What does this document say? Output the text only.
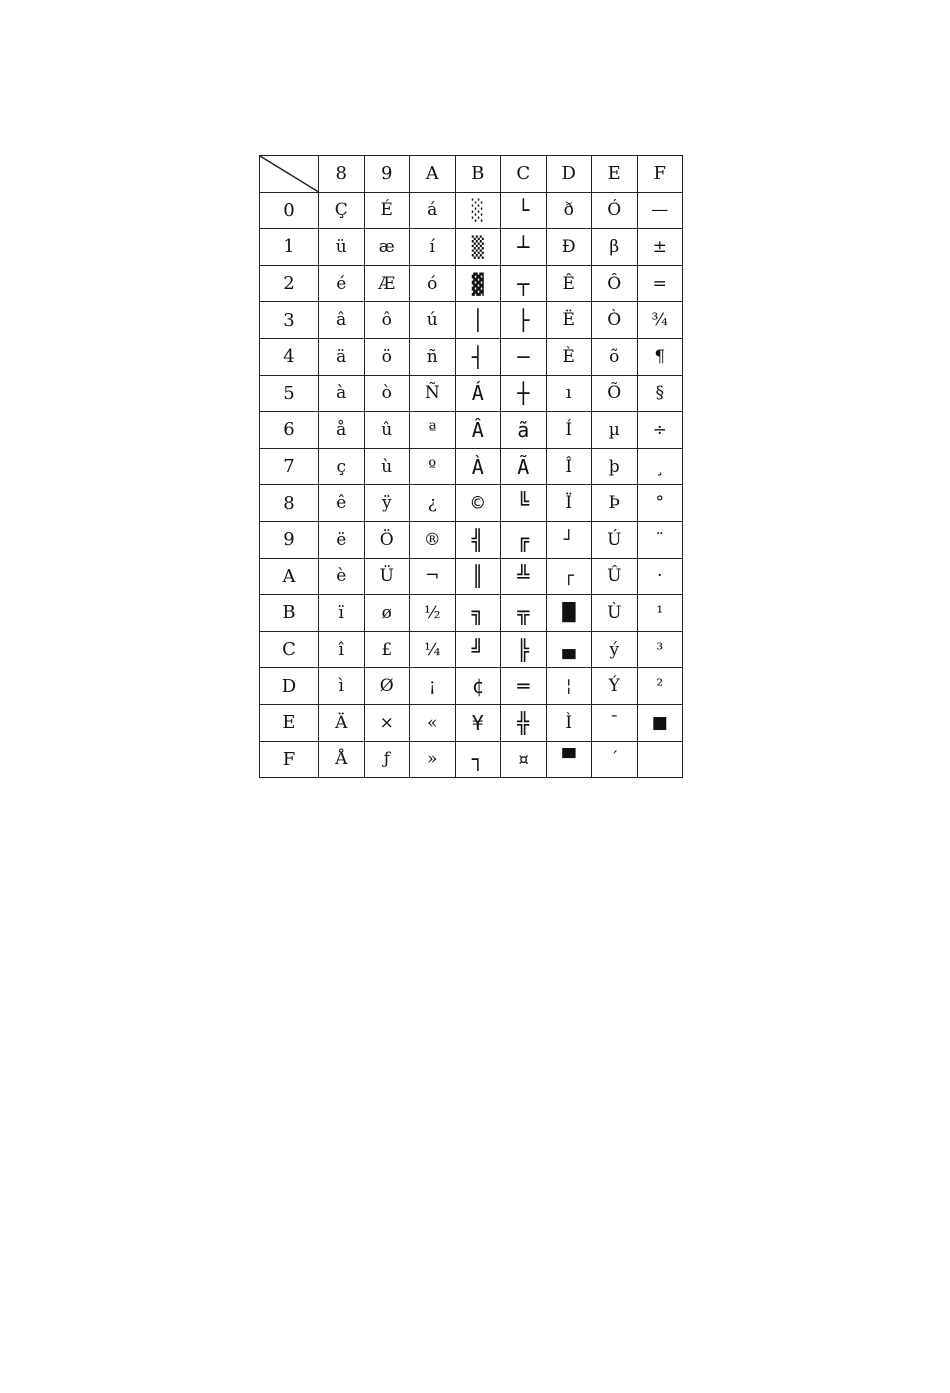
	8	9	A	B	C	D	E	F
0	Ç	É	á	░	└	ð	Ó	—
1	ü	æ	í	▒	┴	Ð	β	±
2	é	Æ	ó	▓	┬	Ê	Ô	=
3	â	ô	ú	│	├	Ë	Ò	¾
4	ä	ö	ñ	┤	─	È	õ	¶
5	à	ò	Ñ	Á	┼	ı	Õ	§
6	å	û	ª	Â	ã	Í	µ	÷
7	ç	ù	º	À	Ã	Î	þ	¸
8	ê	ÿ	¿	©	╚	Ï	Þ	°
9	ë	Ö	®	╣	╔	┘	Ú	¨
A	è	Ü	¬	║	╩	┌	Û	·
B	ï	ø	½	╗	╦	█	Ù	¹
C	î	£	¼	╝	╠	▄	ý	³
D	ì	Ø	¡	¢	═	¦	Ý	²
E	Ä	×	«	¥	╬	Ì	¯	■
F	Å	ƒ	»	┐	¤	▀	´	
